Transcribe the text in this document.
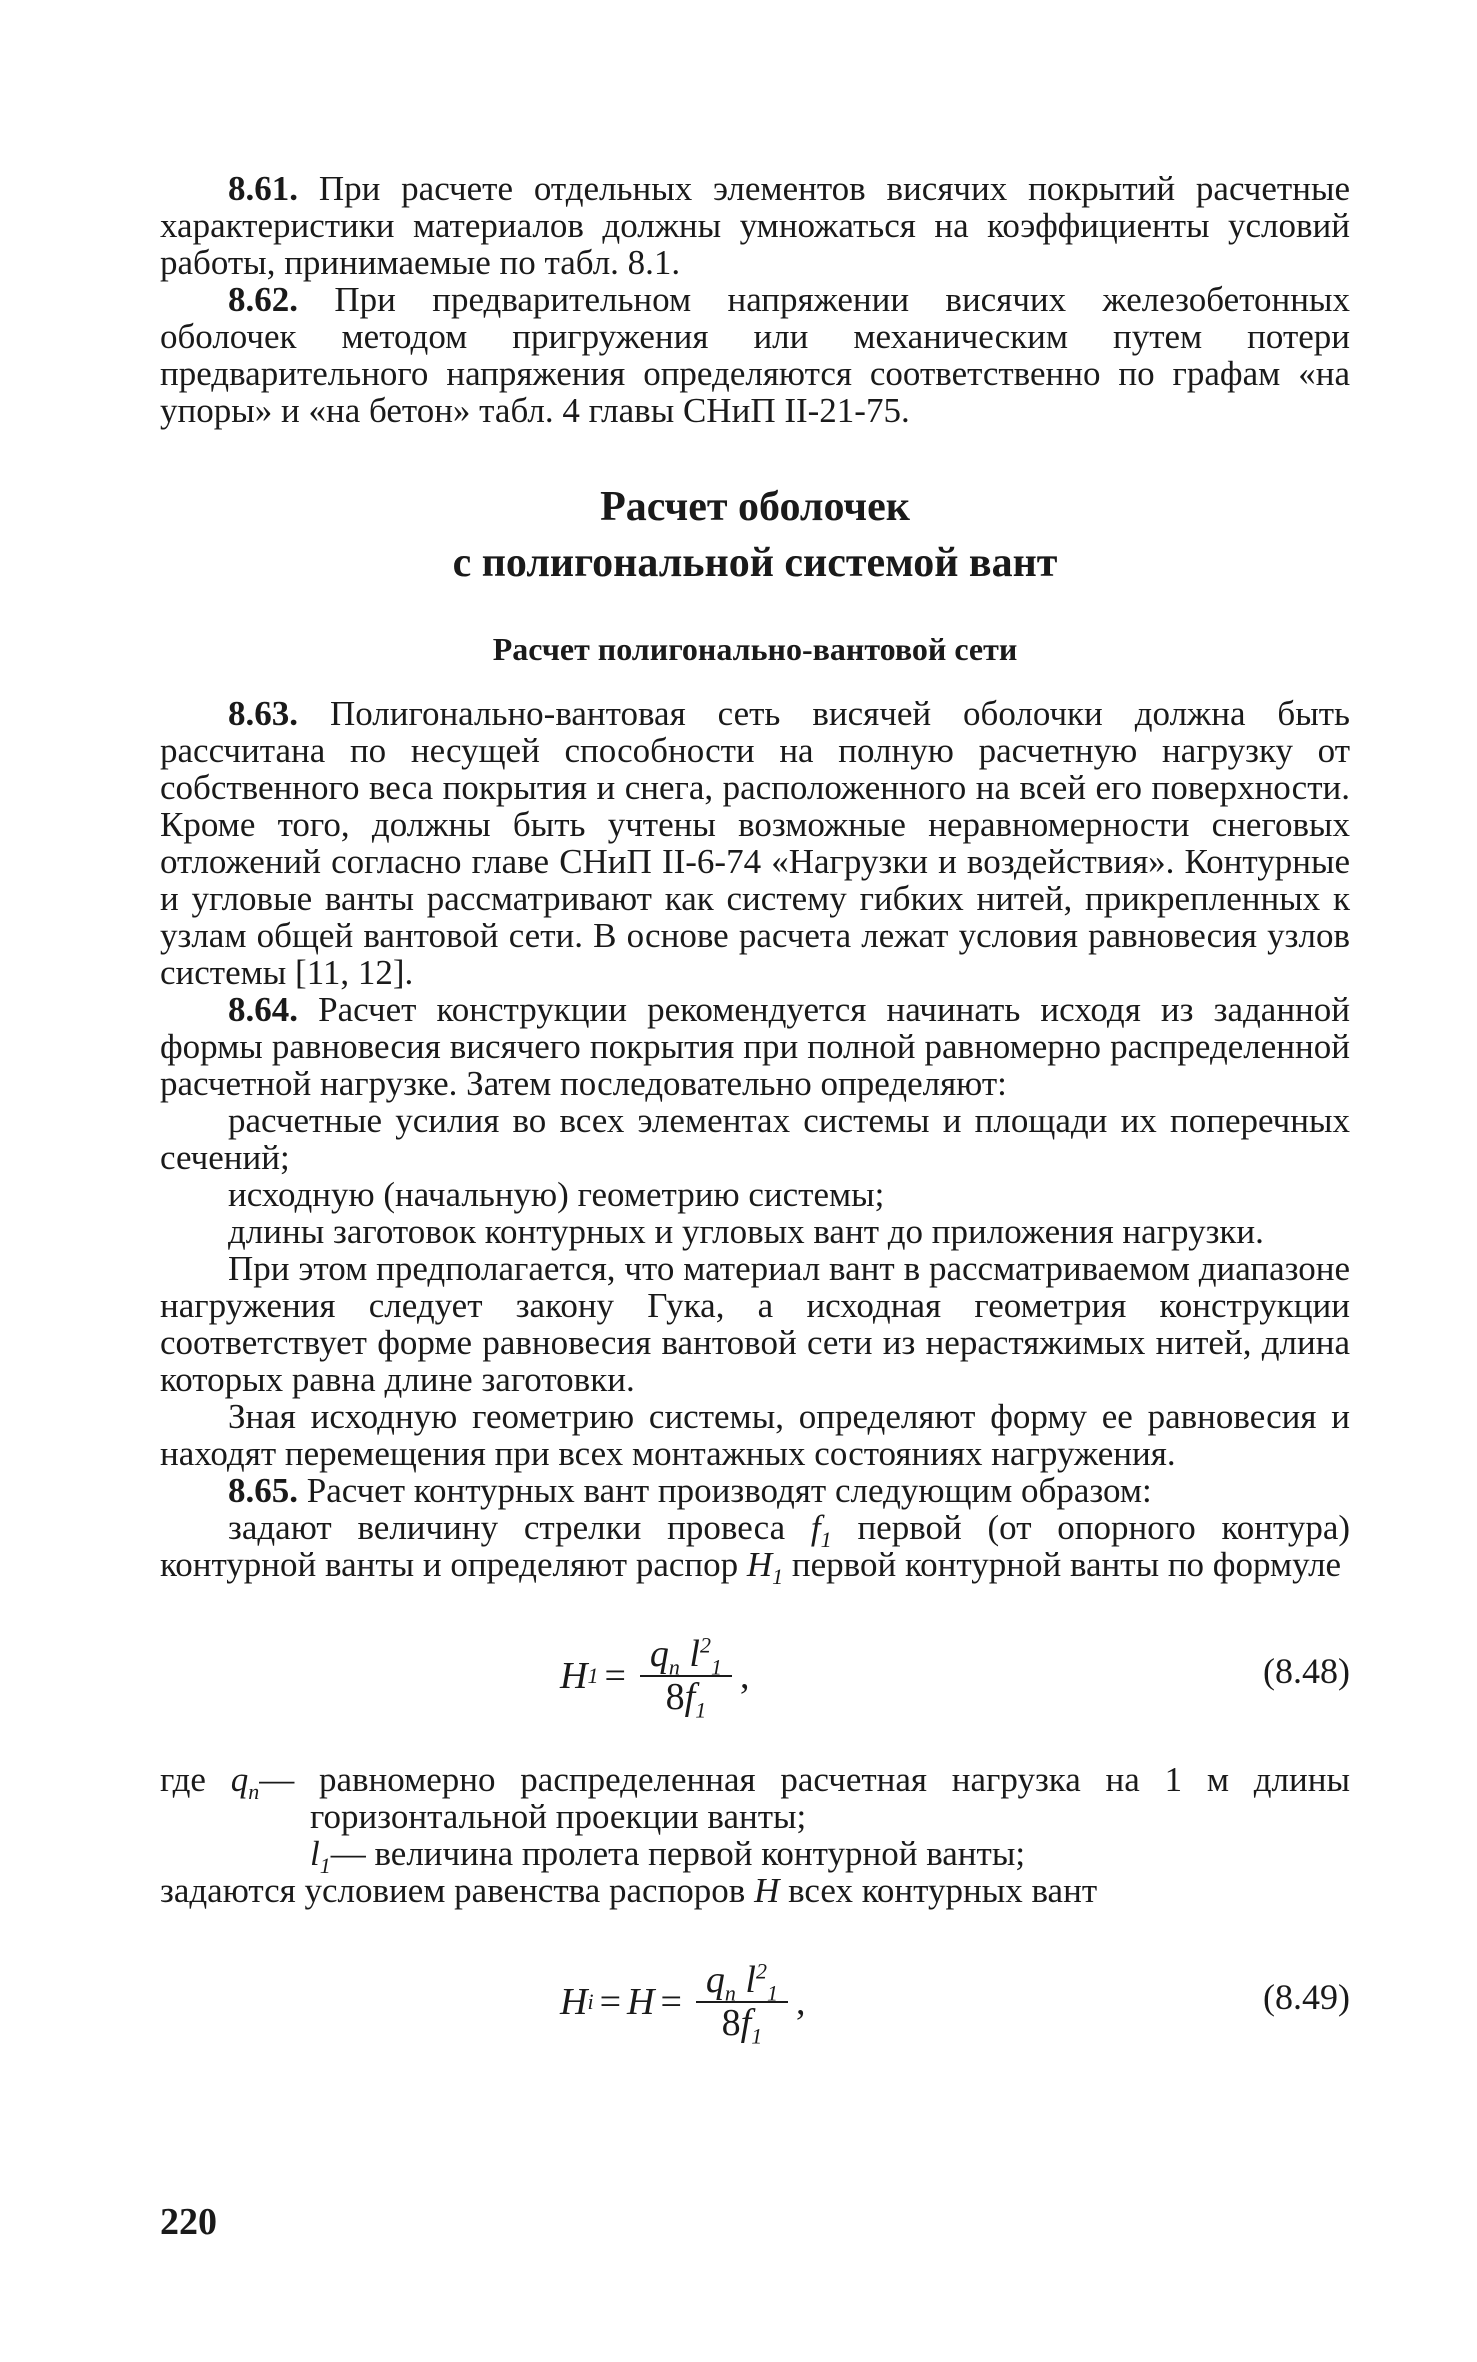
8.61. При расчете отдельных элементов висячих покрытий расчетные характеристики материалов должны умножаться на коэффициенты условий работы, принимаемые по табл. 8.1.

8.62. При предварительном напряжении висячих железобетонных оболочек методом пригружения или механическим путем потери предварительного напряжения определяются соответственно по графам «на упоры» и «на бетон» табл. 4 главы СНиП II-21-75.

Расчет оболочек
с полигональной системой вант
Расчет полигонально-вантовой сети

8.63. Полигонально-вантовая сеть висячей оболочки должна быть рассчитана по несущей способности на полную расчетную нагрузку от собственного веса покрытия и снега, расположенного на всей его поверхности. Кроме того, должны быть учтены возможные неравномерности снеговых отложений согласно главе СНиП II-6-74 «Нагрузки и воздействия». Контурные и угловые ванты рассматривают как систему гибких нитей, прикрепленных к узлам общей вантовой сети. В основе расчета лежат условия равновесия узлов системы [11, 12].

8.64. Расчет конструкции рекомендуется начинать исходя из заданной формы равновесия висячего покрытия при полной равномерно распределенной расчетной нагрузке. Затем последовательно определяют:

расчетные усилия во всех элементах системы и площади их поперечных сечений;

исходную (начальную) геометрию системы;

длины заготовок контурных и угловых вант до приложения нагрузки.

При этом предполагается, что материал вант в рассматриваемом диапазоне нагружения следует закону Гука, а исходная геометрия конструкции соответствует форме равновесия вантовой сети из нерастяжимых нитей, длина которых равна длине заготовки.

Зная исходную геометрию системы, определяют форму ее равновесия и находят перемещения при всех монтажных состояниях нагружения.

8.65. Расчет контурных вант производят следующим образом:

задают величину стрелки провеса $f_1$ первой (от опорного контура) контурной ванты и определяют распор $H_1$ первой контурной ванты по формуле

H $1 = \frac{q_п l^2_1}{8f_1}$ ,	(8.48)

где $q_п—$ равномерно распределенная расчетная нагрузка на 1 м длины горизонтальной проекции ванты;

$l_1—$ величина пролета первой контурной ванты;

задаются условием равенства распоров H всех контурных вант

H $i = H = \frac{q_п l^2_1}{8f_1}$ ,	(8.49)
220
